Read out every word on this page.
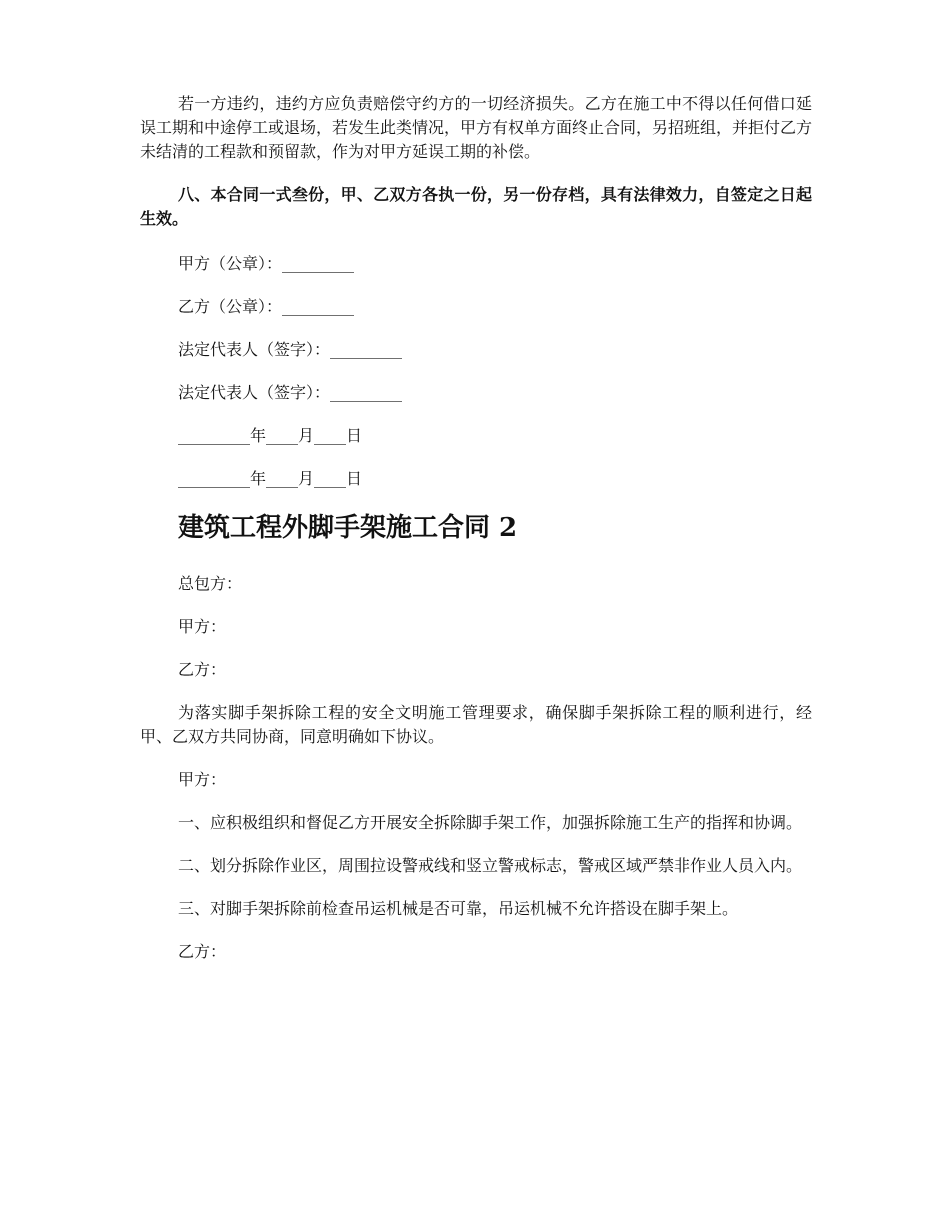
若一方违约，违约方应负责赔偿守约方的一切经济损失。乙方在施工中不得以任何借口延误工期和中途停工或退场，若发生此类情况，甲方有权单方面终止合同，另招班组，并拒付乙方未结清的工程款和预留款，作为对甲方延误工期的补偿。

八、本合同一式叁份，甲、乙双方各执一份，另一份存档，具有法律效力，自签定之日起生效。

甲方（公章）：_________
乙方（公章）：_________
法定代表人（签字）：_________
法定代表人（签字）：_________
_________年____月____日
_________年____月____日
建筑工程外脚手架施工合同 2
总包方：
甲方：
乙方：

为落实脚手架拆除工程的安全文明施工管理要求，确保脚手架拆除工程的顺利进行，经甲、乙双方共同协商，同意明确如下协议。

甲方：

一、应积极组织和督促乙方开展安全拆除脚手架工作，加强拆除施工生产的指挥和协调。

二、划分拆除作业区，周围拉设警戒线和竖立警戒标志，警戒区域严禁非作业人员入内。

三、对脚手架拆除前检查吊运机械是否可靠，吊运机械不允许搭设在脚手架上。

乙方：
